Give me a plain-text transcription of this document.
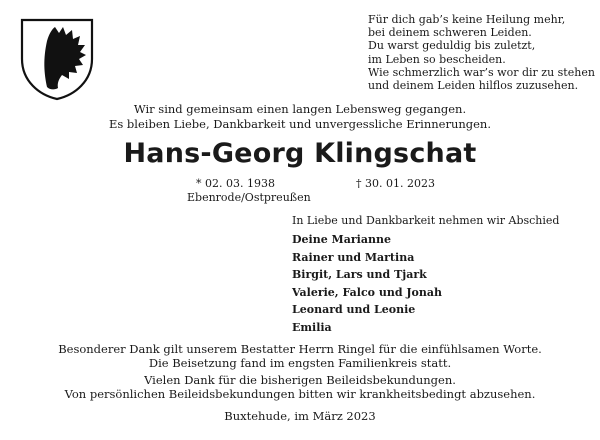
Für dich gab’s keine Heilung mehr,
bei deinem schweren Leiden.
Du warst geduldig bis zuletzt,
im Leben so bescheiden.
Wie schmerzlich war’s wor dir zu stehen
und deinem Leiden hilflos zuzusehen.
Wir sind gemeinsam einen langen Lebensweg gegangen.
Es bleiben Liebe, Dankbarkeit und unvergessliche Erinnerungen.
Hans-Georg Klingschat
* 02. 03. 1938	† 30. 01. 2023
Ebenrode/Ostpreußen
In Liebe und Dankbarkeit nehmen wir Abschied
Deine Marianne
Rainer und Martina
Birgit, Lars und Tjark
Valerie, Falco und Jonah
Leonard und Leonie
Emilia
Besonderer Dank gilt unserem Bestatter Herrn Ringel für die einfühlsamen Worte.
Die Beisetzung fand im engsten Familienkreis statt.
Vielen Dank für die bisherigen Beileidsbekundungen.
Von persönlichen Beileidsbekundungen bitten wir krankheitsbedingt abzusehen.
Buxtehude, im März 2023
